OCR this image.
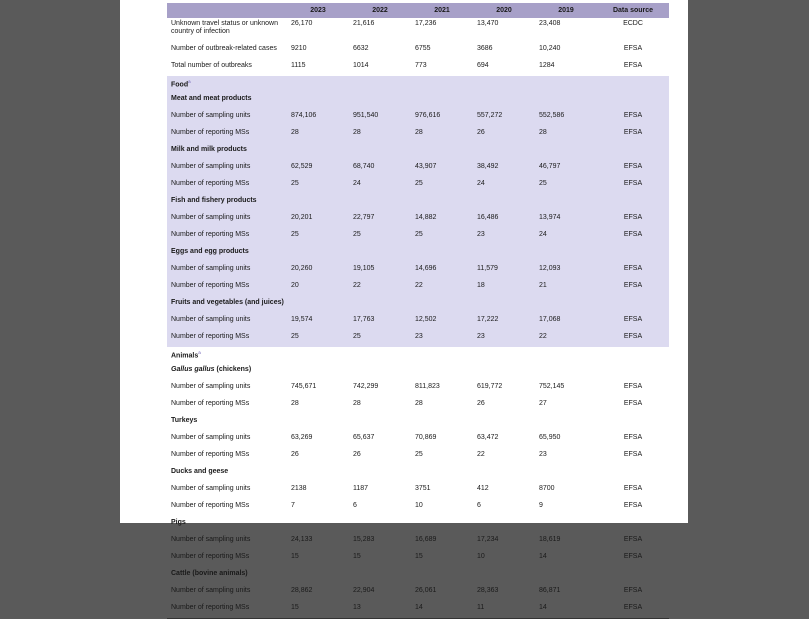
	2023	2022	2021	2020	2019	Data source
Unknown travel status or unknown country of infection	26,170	21,616	17,236	13,470	23,408	ECDC
Number of outbreak-related cases	9210	6632	6755	3686	10,240	EFSA
Total number of outbreaks	1115	1014	773	694	1284	EFSA
Food$^a$
Meat and meat products						
Number of sampling units	874,106	951,540	976,616	557,272	552,586	EFSA
Number of reporting MSs	28	28	28	26	28	EFSA
Milk and milk products						
Number of sampling units	62,529	68,740	43,907	38,492	46,797	EFSA
Number of reporting MSs	25	24	25	24	25	EFSA
Fish and fishery products						
Number of sampling units	20,201	22,797	14,882	16,486	13,974	EFSA
Number of reporting MSs	25	25	25	23	24	EFSA
Eggs and egg products						
Number of sampling units	20,260	19,105	14,696	11,579	12,093	EFSA
Number of reporting MSs	20	22	22	18	21	EFSA
Fruits and vegetables (and juices)						
Number of sampling units	19,574	17,763	12,502	17,222	17,068	EFSA
Number of reporting MSs	25	25	23	23	22	EFSA
Animals$^a$
Gallus gallus (chickens)						
Number of sampling units	745,671	742,299	811,823	619,772	752,145	EFSA
Number of reporting MSs	28	28	28	26	27	EFSA
Turkeys						
Number of sampling units	63,269	65,637	70,869	63,472	65,950	EFSA
Number of reporting MSs	26	26	25	22	23	EFSA
Ducks and geese						
Number of sampling units	2138	1187	3751	412	8700	EFSA
Number of reporting MSs	7	6	10	6	9	EFSA
Pigs						
Number of sampling units	24,133	15,283	16,689	17,234	18,619	EFSA
Number of reporting MSs	15	15	15	10	14	EFSA
Cattle (bovine animals)						
Number of sampling units	28,862	22,904	26,061	28,363	86,871	EFSA
Number of reporting MSs	15	13	14	11	14	EFSA
